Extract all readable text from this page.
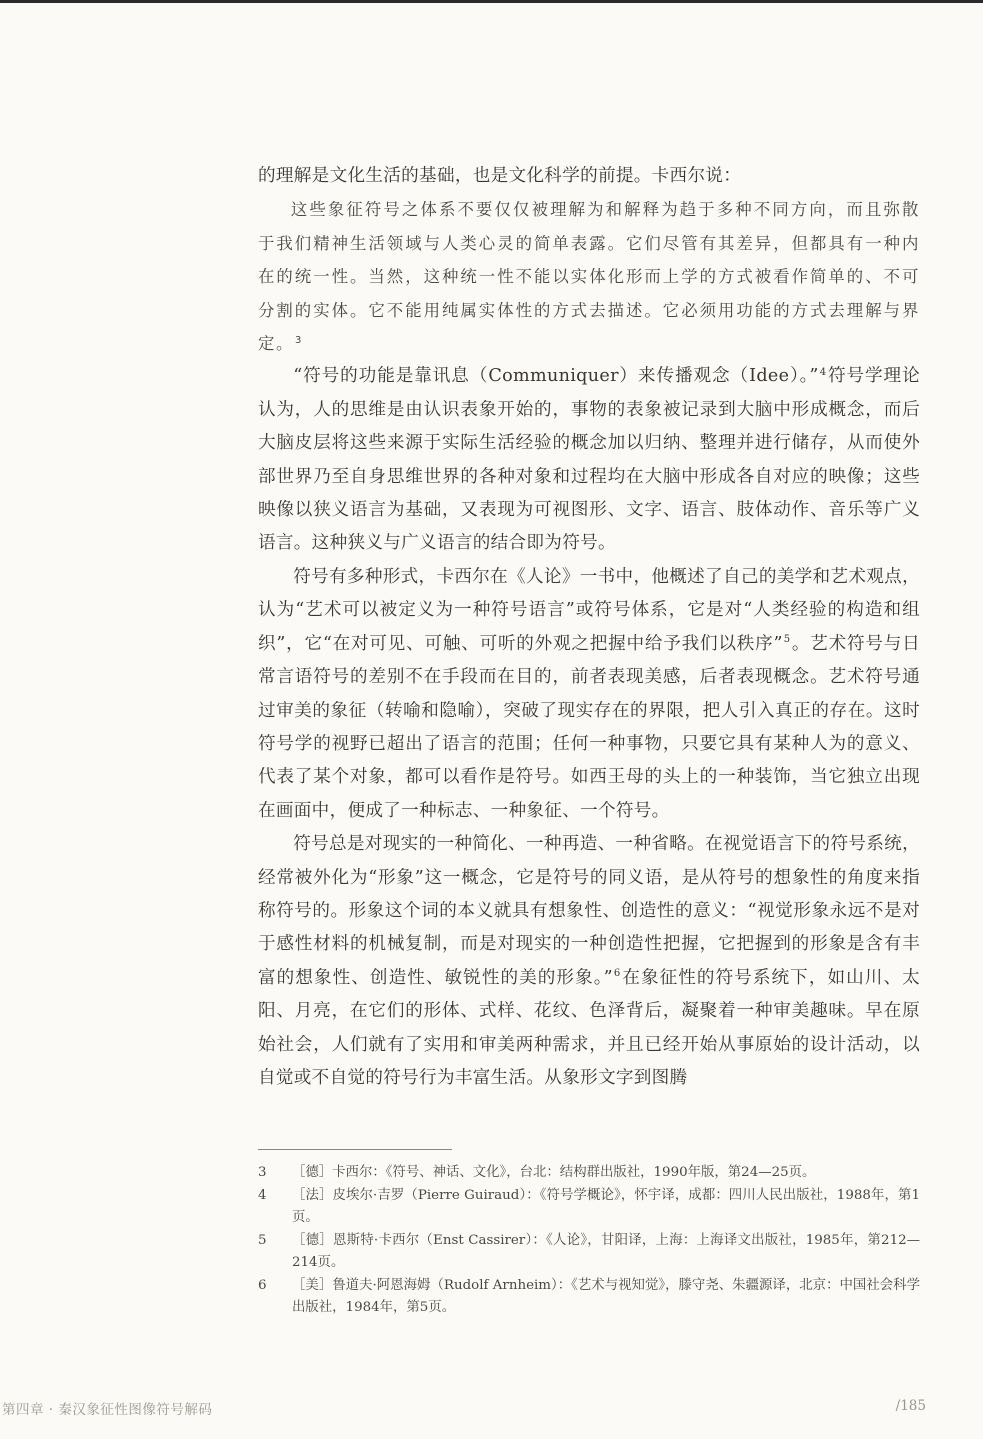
的理解是文化生活的基础，也是文化科学的前提。卡西尔说：

这些象征符号之体系不要仅仅被理解为和解释为趋于多种不同方向，而且弥散于我们精神生活领域与人类心灵的简单表露。它们尽管有其差异，但都具有一种内在的统一性。当然，这种统一性不能以实体化形而上学的方式被看作简单的、不可分割的实体。它不能用纯属实体性的方式去描述。它必须用功能的方式去理解与界定。$^3$

“符号的功能是靠讯息（Communiquer）来传播观念（Idee）。”$^4$符号学理论认为，人的思维是由认识表象开始的，事物的表象被记录到大脑中形成概念，而后大脑皮层将这些来源于实际生活经验的概念加以归纳、整理并进行储存，从而使外部世界乃至自身思维世界的各种对象和过程均在大脑中形成各自对应的映像；这些映像以狭义语言为基础，又表现为可视图形、文字、语言、肢体动作、音乐等广义语言。这种狭义与广义语言的结合即为符号。

符号有多种形式，卡西尔在《人论》一书中，他概述了自己的美学和艺术观点，认为“艺术可以被定义为一种符号语言”或符号体系，它是对“人类经验的构造和组织”，它“在对可见、可触、可听的外观之把握中给予我们以秩序”$^5$。艺术符号与日常言语符号的差别不在手段而在目的，前者表现美感，后者表现概念。艺术符号通过审美的象征（转喻和隐喻），突破了现实存在的界限，把人引入真正的存在。这时符号学的视野已超出了语言的范围；任何一种事物，只要它具有某种人为的意义、代表了某个对象，都可以看作是符号。如西王母的头上的一种装饰，当它独立出现在画面中，便成了一种标志、一种象征、一个符号。

符号总是对现实的一种简化、一种再造、一种省略。在视觉语言下的符号系统，经常被外化为“形象”这一概念，它是符号的同义语，是从符号的想象性的角度来指称符号的。形象这个词的本义就具有想象性、创造性的意义：“视觉形象永远不是对于感性材料的机械复制，而是对现实的一种创造性把握，它把握到的形象是含有丰富的想象性、创造性、敏锐性的美的形象。”$^6$在象征性的符号系统下，如山川、太阳、月亮，在它们的形体、式样、花纹、色泽背后，凝聚着一种审美趣味。早在原始社会，人们就有了实用和审美两种需求，并且已经开始从事原始的设计活动，以自觉或不自觉的符号行为丰富生活。从象形文字到图腾

3	［德］卡西尔：《符号、神话、文化》，台北：结构群出版社，1990年版，第24—25页。
4	［法］皮埃尔·吉罗（Pierre Guiraud）：《符号学概论》，怀宇译，成都：四川人民出版社，1988年，第1页。
5	［德］恩斯特·卡西尔（Enst Cassirer）：《人论》，甘阳译，上海：上海译文出版社，1985年，第212—214页。
6	［美］鲁道夫·阿恩海姆（Rudolf Arnheim）：《艺术与视知觉》，滕守尧、朱疆源译，北京：中国社会科学出版社，1984年，第5页。
第四章 · 秦汉象征性图像符号解码	/185
